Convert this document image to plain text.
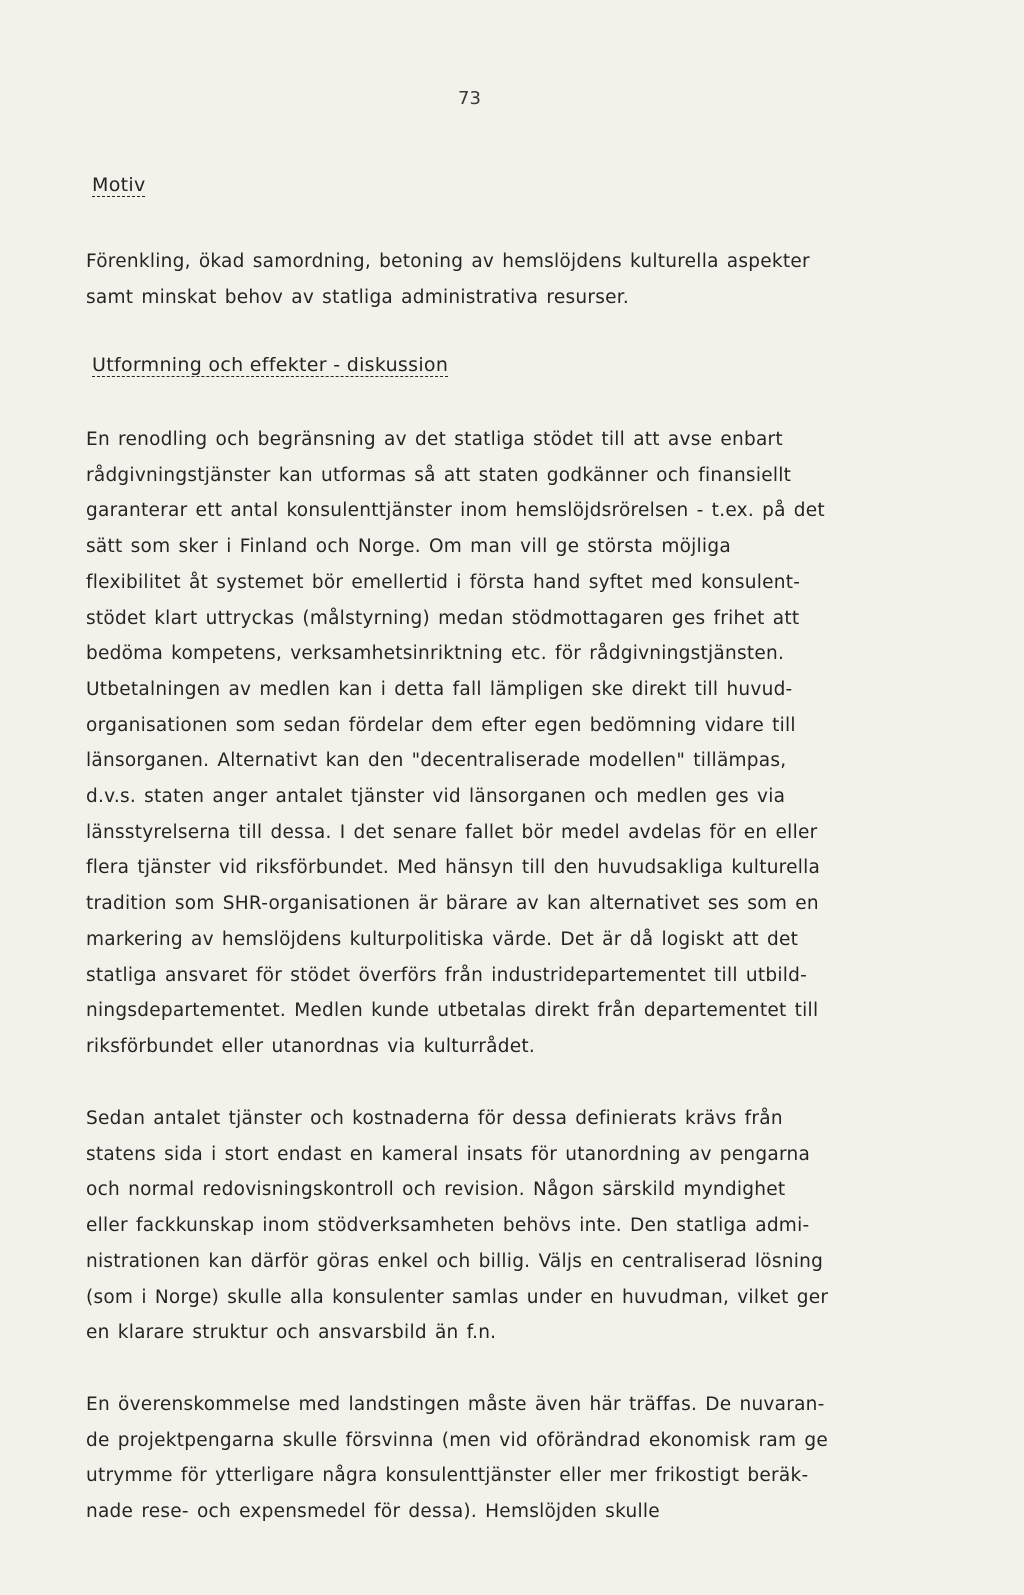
73
Motiv
Förenkling, ökad samordning, betoning av hemslöjdens kulturella aspekter
samt minskat behov av statliga administrativa resurser.
Utformning och effekter - diskussion
En renodling och begränsning av det statliga stödet till att avse enbart
rådgivningstjänster kan utformas så att staten godkänner och finansiellt
garanterar ett antal konsulenttjänster inom hemslöjdsrörelsen - t.ex. på det
sätt som sker i Finland och Norge. Om man vill ge största möjliga
flexibilitet åt systemet bör emellertid i första hand syftet med konsulent-
stödet klart uttryckas (målstyrning) medan stödmottagaren ges frihet att
bedöma kompetens, verksamhetsinriktning etc. för rådgivningstjänsten.
Utbetalningen av medlen kan i detta fall lämpligen ske direkt till huvud-
organisationen som sedan fördelar dem efter egen bedömning vidare till
länsorganen. Alternativt kan den "decentraliserade modellen" tillämpas,
d.v.s. staten anger antalet tjänster vid länsorganen och medlen ges via
länsstyrelserna till dessa. I det senare fallet bör medel avdelas för en eller
flera tjänster vid riksförbundet. Med hänsyn till den huvudsakliga kulturella
tradition som SHR-organisationen är bärare av kan alternativet ses som en
markering av hemslöjdens kulturpolitiska värde. Det är då logiskt att det
statliga ansvaret för stödet överförs från industridepartementet till utbild-
ningsdepartementet. Medlen kunde utbetalas direkt från departementet till
riksförbundet eller utanordnas via kulturrådet.
Sedan antalet tjänster och kostnaderna för dessa definierats krävs från
statens sida i stort endast en kameral insats för utanordning av pengarna
och normal redovisningskontroll och revision. Någon särskild myndighet
eller fackkunskap inom stödverksamheten behövs inte. Den statliga admi-
nistrationen kan därför göras enkel och billig. Väljs en centraliserad lösning
(som i Norge) skulle alla konsulenter samlas under en huvudman, vilket ger
en klarare struktur och ansvarsbild än f.n.
En överenskommelse med landstingen måste även här träffas. De nuvaran-
de projektpengarna skulle försvinna (men vid oförändrad ekonomisk ram ge
utrymme för ytterligare några konsulenttjänster eller mer frikostigt beräk-
nade rese- och expensmedel för dessa). Hemslöjden skulle
